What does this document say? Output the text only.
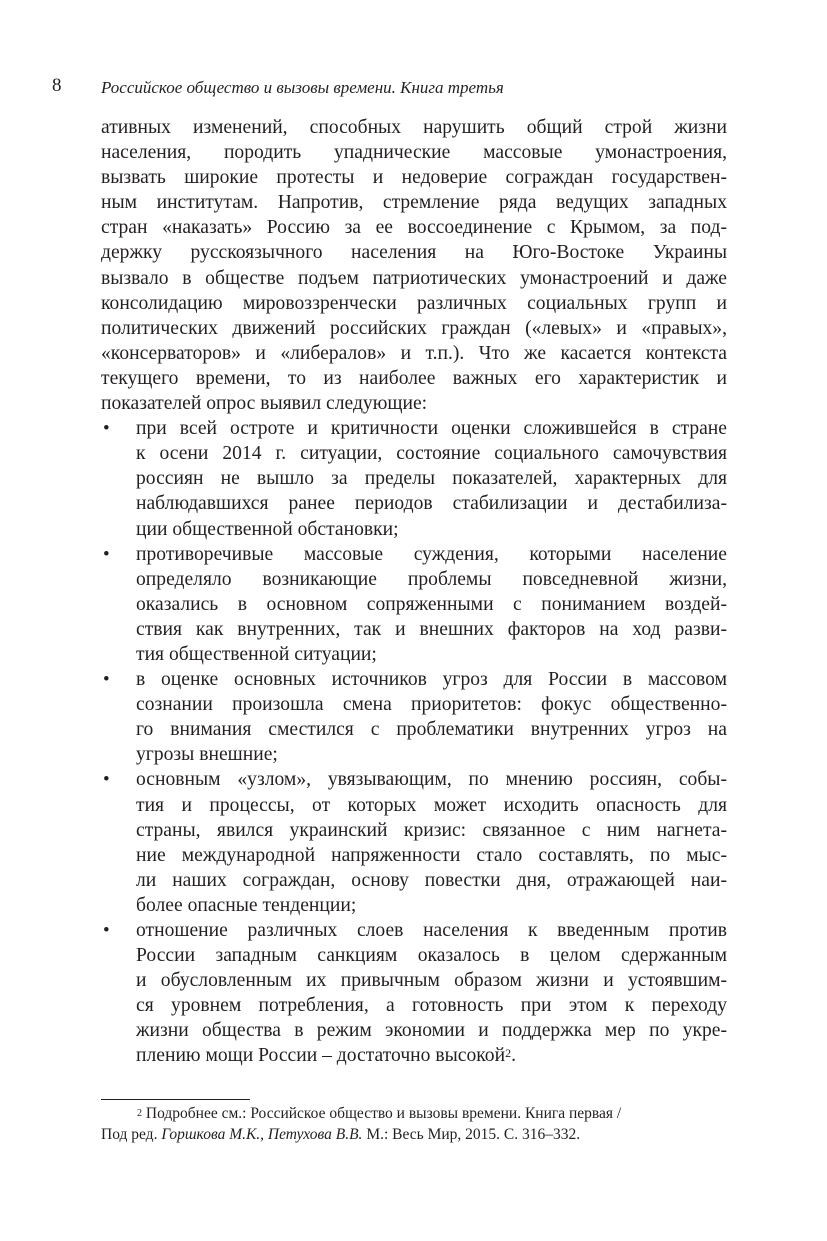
8 Российское общество и вызовы времени. Книга третья
ативных изменений, способных нарушить общий строй жизни
населения, породить упаднические массовые умонастроения,
вызвать широкие протесты и недоверие сограждан государствен-
ным институтам. Напротив, стремление ряда ведущих западных
стран «наказать» Россию за ее воссоединение с Крымом, за под-
держку русскоязычного населения на Юго-Востоке Украины
вызвало в обществе подъем патриотических умонастроений и даже
консолидацию мировоззренчески различных социальных групп и
политических движений российских граждан («левых» и «правых»,
«консерваторов» и «либералов» и т.п.). Что же касается контекста
текущего времени, то из наиболее важных его характеристик и
показателей опрос выявил следующие:
• при всей остроте и критичности оценки сложившейся в стране
к осени 2014 г. ситуации, состояние социального самочувствия
россиян не вышло за пределы показателей, характерных для
наблюдавшихся ранее периодов стабилизации и дестабилиза-
ции общественной обстановки;
• противоречивые массовые суждения, которыми население
определяло возникающие проблемы повседневной жизни,
оказались в основном сопряженными с пониманием воздей-
ствия как внутренних, так и внешних факторов на ход разви-
тия общественной ситуации;
• в оценке основных источников угроз для России в массовом
сознании произошла смена приоритетов: фокус общественно-
го внимания сместился с проблематики внутренних угроз на
угрозы внешние;
• основным «узлом», увязывающим, по мнению россиян, собы-
тия и процессы, от которых может исходить опасность для
страны, явился украинский кризис: связанное с ним нагнета-
ние международной напряженности стало составлять, по мыс-
ли наших сограждан, основу повестки дня, отражающей наи-
более опасные тенденции;
• отношение различных слоев населения к введенным против
России западным санкциям оказалось в целом сдержанным
и обусловленным их привычным образом жизни и устоявшим-
ся уровнем потребления, а готовность при этом к переходу
жизни общества в режим экономии и поддержка мер по укре-
плению мощи России – достаточно высокой$^2$.
$^2$ Подробнее см.: Российское общество и вызовы времени. Книга первая /
Под ред. Горшкова М.К., Петухова В.В. М.: Весь Мир, 2015. С. 316–332.
